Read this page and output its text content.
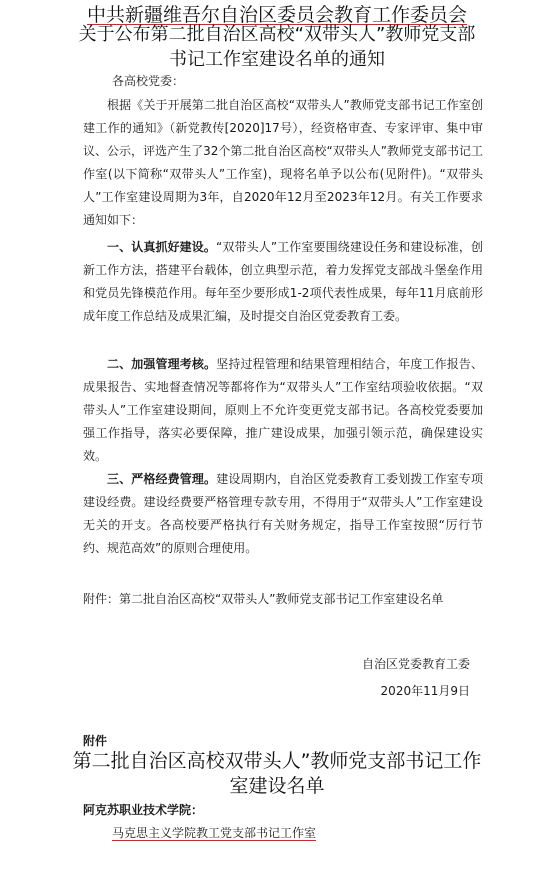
中共新疆维吾尔自治区委员会教育工作委员会
关于公布第二批自治区高校“双带头人”教师党支部书记工作室建设名单的通知
各高校党委：

根据《关于开展第二批自治区高校“双带头人”教师党支部书记工作室创建工作的通知》（新党教传[2020]17号），经资格审查、专家评审、集中审议、公示，评选产生了32个第二批自治区高校“双带头人”教师党支部书记工作室(以下简称“双带头人”工作室)，现将名单予以公布(见附件)。“双带头人”工作室建设周期为3年，自2020年12月至2023年12月。有关工作要求通知如下：

一、认真抓好建设。“双带头人”工作室要围绕建设任务和建设标准，创新工作方法，搭建平台载体，创立典型示范，着力发挥党支部战斗堡垒作用和党员先锋模范作用。每年至少要形成1-2项代表性成果，每年11月底前形成年度工作总结及成果汇编，及时提交自治区党委教育工委。

二、加强管理考核。坚持过程管理和结果管理相结合，年度工作报告、成果报告、实地督查情况等都将作为“双带头人”工作室结项验收依据。“双带头人”工作室建设期间，原则上不允许变更党支部书记。各高校党委要加强工作指导，落实必要保障，推广建设成果，加强引领示范，确保建设实效。

三、严格经费管理。建设周期内，自治区党委教育工委划拨工作室专项建设经费。建设经费要严格管理专款专用，不得用于“双带头人”工作室建设无关的开支。各高校要严格执行有关财务规定，指导工作室按照“厉行节约、规范高效”的原则合理使用。

附件：第二批自治区高校“双带头人”教师党支部书记工作室建设名单
自治区党委教育工委
2020年11月9日
附件
第二批自治区高校双带头人”教师党支部书记工作室建设名单
阿克苏职业技术学院：
马克思主义学院教工党支部书记工作室
